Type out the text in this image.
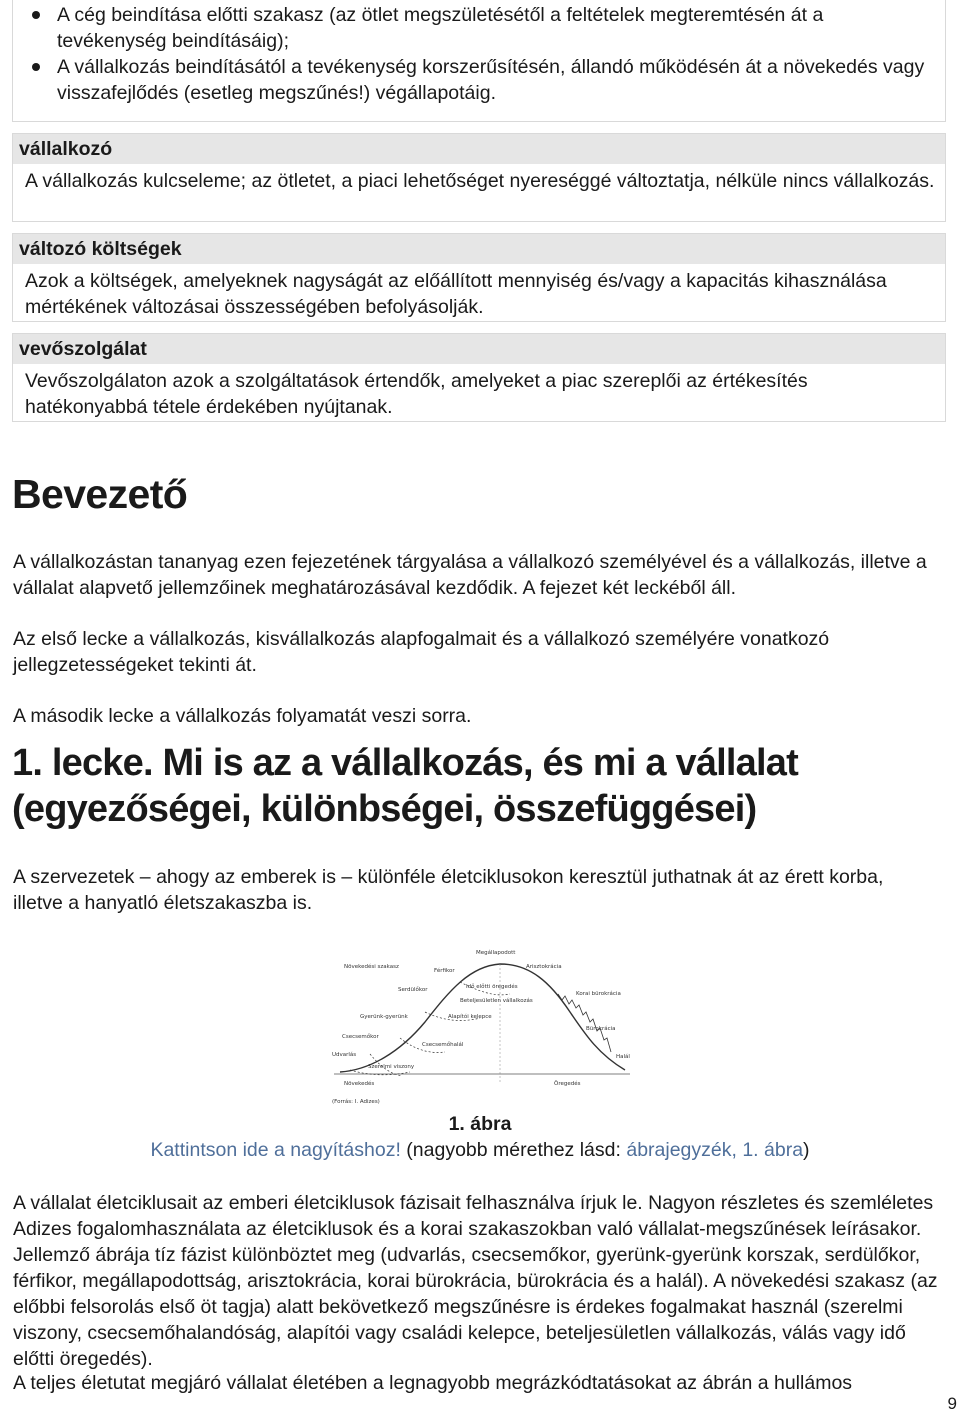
A cég beindítása előtti szakasz (az ötlet megszületésétől a feltételek megteremtésén át a tevékenység beindításáig);
A vállalkozás beindításától a tevékenység korszerűsítésén, állandó működésén át a növekedés vagy visszafejlődés (esetleg megszűnés!) végállapotáig.
vállalkozó
A vállalkozás kulcseleme; az ötletet, a piaci lehetőséget nyereséggé változtatja, nélküle nincs vállalkozás.
változó költségek
Azok a költségek, amelyeknek nagyságát az előállított mennyiség és/vagy a kapacitás kihasználása mértékének változásai összességében befolyásolják.
vevőszolgálat
Vevőszolgálaton azok a szolgáltatások értendők, amelyeket a piac szereplői az értékesítés hatékonyabbá tétele érdekében nyújtanak.
Bevezető

A vállalkozástan tananyag ezen fejezetének tárgyalása a vállalkozó személyével és a vállalkozás, illetve a vállalat alapvető jellemzőinek meghatározásával kezdődik. A fejezet két leckéből áll.

Az első lecke a vállalkozás, kisvállalkozás alapfogalmait és a vállalkozó személyére vonatkozó jellegzetességeket tekinti át.

A második lecke a vállalkozás folyamatát veszi sorra.

1. lecke. Mi is az a vállalkozás, és mi a vállalat (egyezőségei, különbségei, összefüggései)

A szervezetek – ahogy az emberek is – különféle életciklusokon keresztül juthatnak át az érett korba, illetve a hanyatló életszakaszba is.

Megállapodott
Növekedési szakasz
Férfikor
Arisztokrácia
Serdülőkor	Idő előtti öregedés
Korai bürokrácia
Gyerünk-gyerünk
Beteljesületlen vállalkozás
Alapítói kelepce
Bürokrácia
Csecsemőkor
Csecsemőhalál
Udvarlás
Szerelmi viszony
Halál
Növekedés	Öregedés
(Forrás: I. Adizes)
1. ábra
Kattintson ide a nagyításhoz! (nagyobb mérethez lásd: ábrajegyzék, 1. ábra)

A vállalat életciklusait az emberi életciklusok fázisait felhasználva írjuk le. Nagyon részletes és szemléletes Adizes fogalomhasználata az életciklusok és a korai szakaszokban való vállalat-megszűnések leírásakor. Jellemző ábrája tíz fázist különböztet meg (udvarlás, csecsemőkor, gyerünk-gyerünk korszak, serdülőkor, férfikor, megállapodottság, arisztokrácia, korai bürokrácia, bürokrácia és a halál). A növekedési szakasz (az előbbi felsorolás első öt tagja) alatt bekövetkező megszűnésre is érdekes fogalmakat használ (szerelmi viszony, csecsemőhalandóság, alapítói vagy családi kelepce, beteljesületlen vállalkozás, válás vagy idő előtti öregedés).

A teljes életutat megjáró vállalat életében a legnagyobb megrázkódtatásokat az ábrán a hullámos

9
